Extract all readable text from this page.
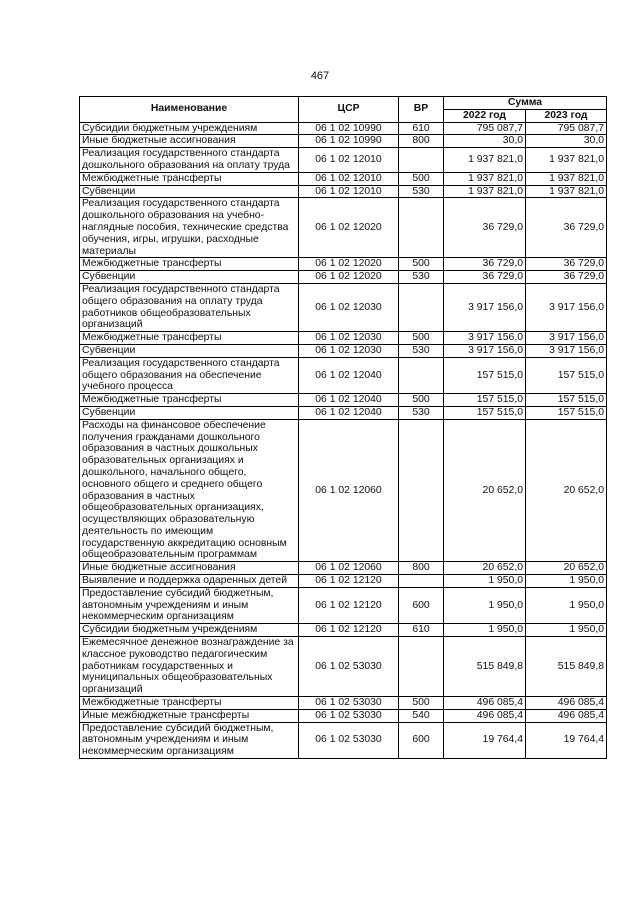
467
Наименование	ЦСР	ВР	Сумма	
			2022 год	2023 год
Субсидии бюджетным учреждениям	06 1 02 10990	610	795 087,7	795 087,7
Иные бюджетные ассигнования	06 1 02 10990	800	30,0	30,0
Реализация государственного стандарта дошкольного образования на оплату труда	06 1 02 12010		1 937 821,0	1 937 821,0
Межбюджетные трансферты	06 1 02 12010	500	1 937 821,0	1 937 821,0
Субвенции	06 1 02 12010	530	1 937 821,0	1 937 821,0
Реализация государственного стандарта дошкольного образования на учебно-наглядные пособия, технические средства обучения, игры, игрушки, расходные материалы	06 1 02 12020		36 729,0	36 729,0
Межбюджетные трансферты	06 1 02 12020	500	36 729,0	36 729,0
Субвенции	06 1 02 12020	530	36 729,0	36 729,0
Реализация государственного стандарта общего образования на оплату труда работников общеобразовательных организаций	06 1 02 12030		3 917 156,0	3 917 156,0
Межбюджетные трансферты	06 1 02 12030	500	3 917 156,0	3 917 156,0
Субвенции	06 1 02 12030	530	3 917 156,0	3 917 156,0
Реализация государственного стандарта общего образования на обеспечение учебного процесса	06 1 02 12040		157 515,0	157 515,0
Межбюджетные трансферты	06 1 02 12040	500	157 515,0	157 515,0
Субвенции	06 1 02 12040	530	157 515,0	157 515,0
Расходы на финансовое обеспечение получения гражданами дошкольного образования в частных дошкольных образовательных организациях и дошкольного, начального общего, основного общего и среднего общего образования в частных общеобразовательных организациях, осуществляющих образовательную деятельность по имеющим государственную аккредитацию основным общеобразовательным программам	06 1 02 12060		20 652,0	20 652,0
Иные бюджетные ассигнования	06 1 02 12060	800	20 652,0	20 652,0
Выявление и поддержка одаренных детей	06 1 02 12120		1 950,0	1 950,0
Предоставление субсидий бюджетным, автономным учреждениям и иным некоммерческим организациям	06 1 02 12120	600	1 950,0	1 950,0
Субсидии бюджетным учреждениям	06 1 02 12120	610	1 950,0	1 950,0
Ежемесячное денежное вознаграждение за классное руководство педагогическим работникам государственных и муниципальных общеобразовательных организаций	06 1 02 53030		515 849,8	515 849,8
Межбюджетные трансферты	06 1 02 53030	500	496 085,4	496 085,4
Иные межбюджетные трансферты	06 1 02 53030	540	496 085,4	496 085,4
Предоставление субсидий бюджетным, автономным учреждениям и иным некоммерческим организациям	06 1 02 53030	600	19 764,4	19 764,4
